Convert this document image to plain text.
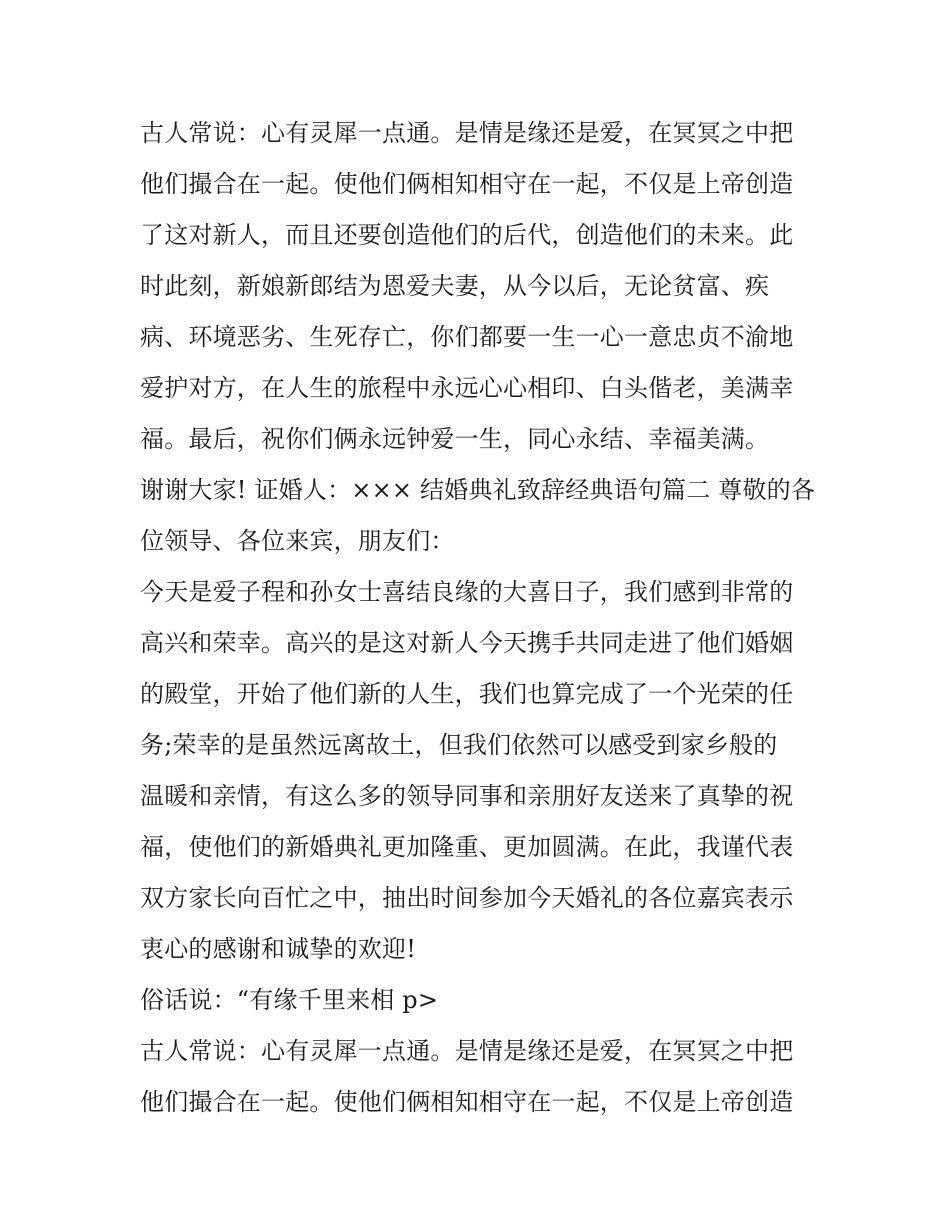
古人常说：心有灵犀一点通。是情是缘还是爱，在冥冥之中把
他们撮合在一起。使他们俩相知相守在一起，不仅是上帝创造
了这对新人，而且还要创造他们的后代，创造他们的未来。此
时此刻，新娘新郎结为恩爱夫妻，从今以后，无论贫富、疾
病、环境恶劣、生死存亡，你们都要一生一心一意忠贞不渝地
爱护对方，在人生的旅程中永远心心相印、白头偕老，美满幸
福。最后，祝你们俩永远钟爱一生，同心永结、幸福美满。
谢谢大家! 证婚人：××× 结婚典礼致辞经典语句篇二 尊敬的各
位领导、各位来宾，朋友们：
今天是爱子程和孙女士喜结良缘的大喜日子，我们感到非常的
高兴和荣幸。高兴的是这对新人今天携手共同走进了他们婚姻
的殿堂，开始了他们新的人生，我们也算完成了一个光荣的任
务;荣幸的是虽然远离故土，但我们依然可以感受到家乡般的
温暖和亲情，有这么多的领导同事和亲朋好友送来了真挚的祝
福，使他们的新婚典礼更加隆重、更加圆满。在此，我谨代表
双方家长向百忙之中，抽出时间参加今天婚礼的各位嘉宾表示
衷心的感谢和诚挚的欢迎!
俗话说：“有缘千里来相 p>
古人常说：心有灵犀一点通。是情是缘还是爱，在冥冥之中把
他们撮合在一起。使他们俩相知相守在一起，不仅是上帝创造
